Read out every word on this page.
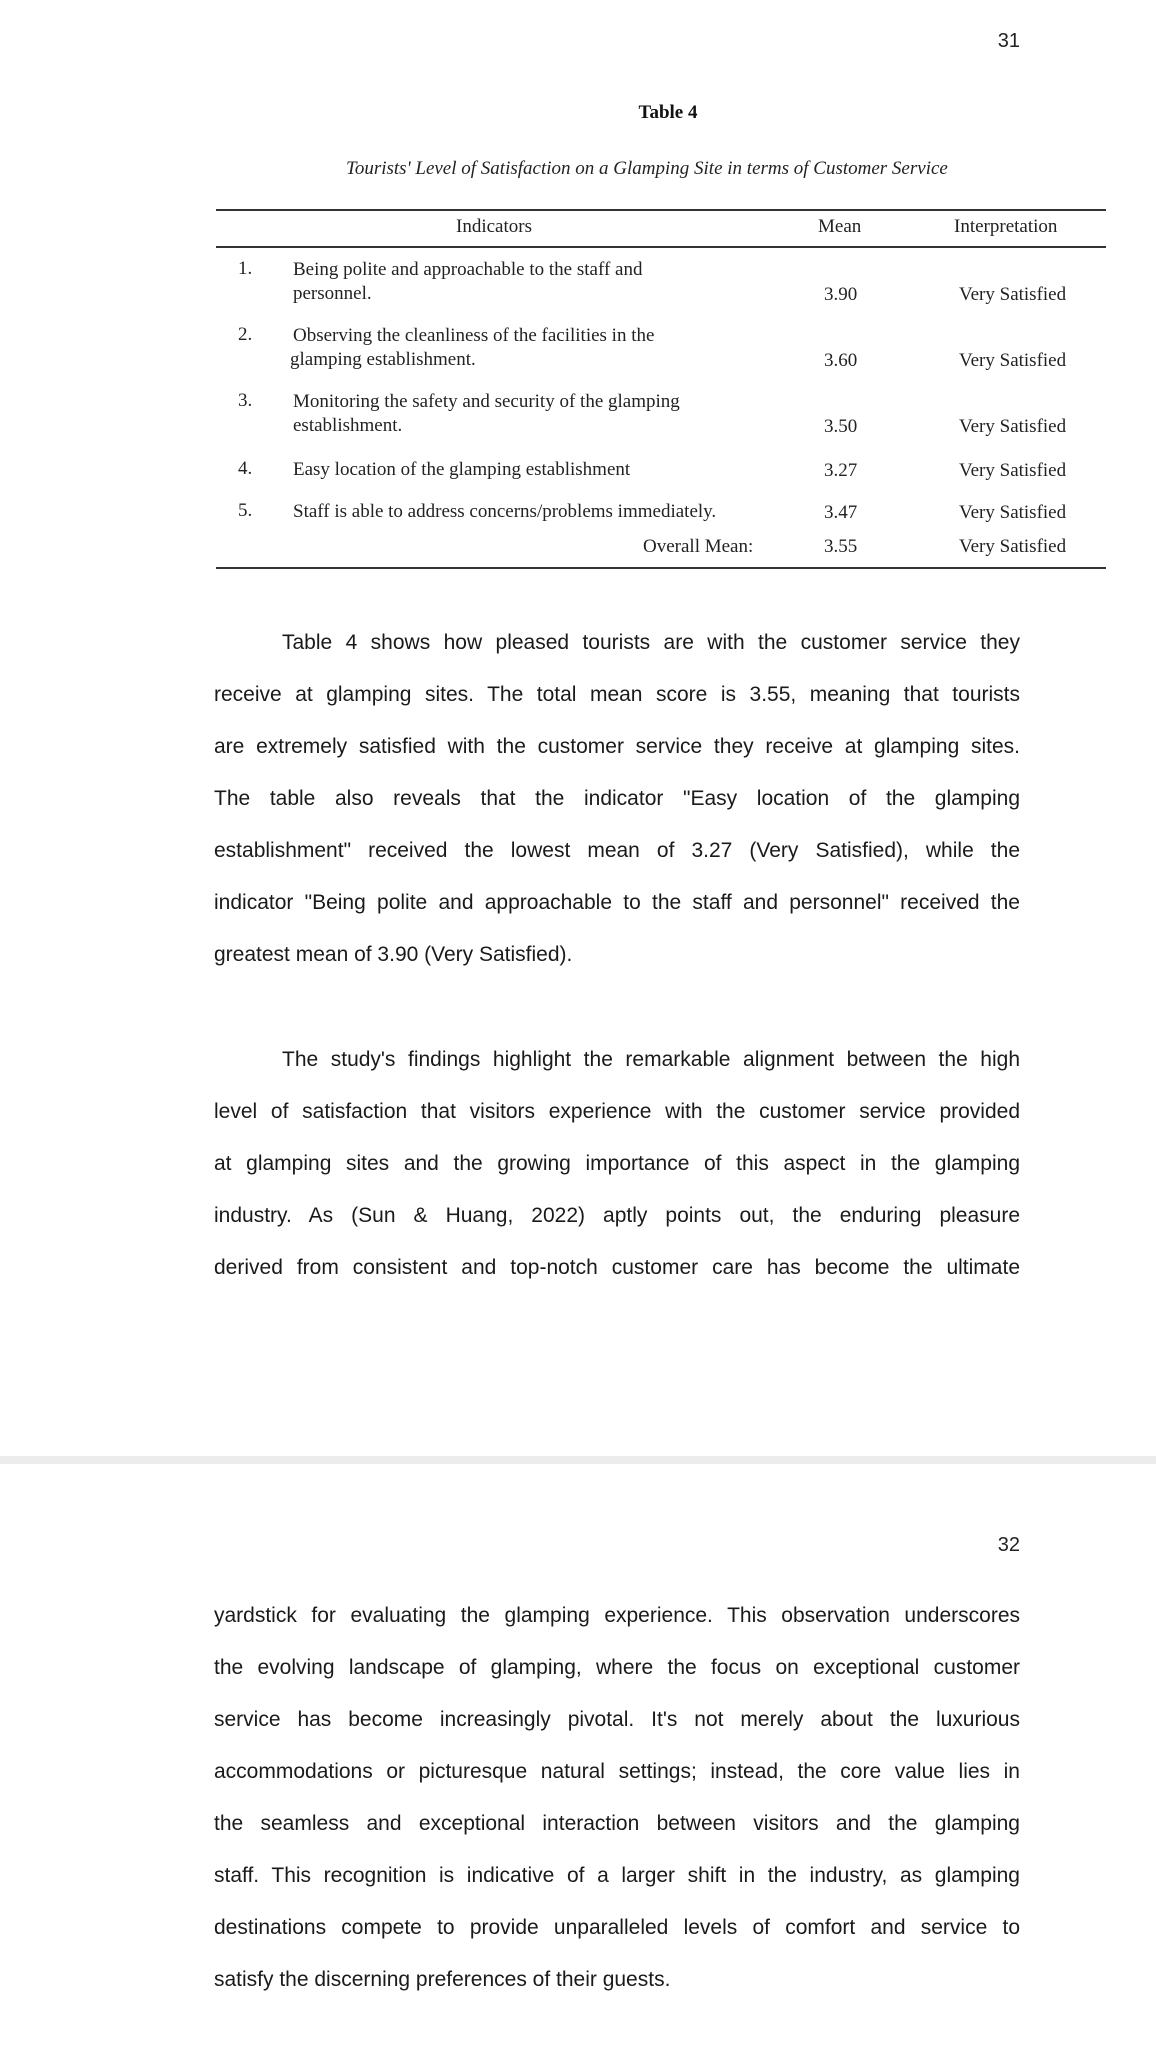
31
Table 4
Tourists' Level of Satisfaction on a Glamping Site in terms of Customer Service
Indicators	Mean	Interpretation
1. Being polite and approachable to the staff and
personnel.	3.90	Very Satisfied
2. Observing the cleanliness of the facilities in the
glamping establishment.	3.60	Very Satisfied
3. Monitoring the safety and security of the glamping
establishment.	3.50	Very Satisfied
4. Easy location of the glamping establishment	3.27	Very Satisfied
5. Staff is able to address concerns/problems immediately.	3.47	Very Satisfied
Overall Mean:	3.55	Very Satisfied
Table 4 shows how pleased tourists are with the customer service they
receive at glamping sites. The total mean score is 3.55, meaning that tourists
are extremely satisfied with the customer service they receive at glamping sites.
The table also reveals that the indicator "Easy location of the glamping
establishment" received the lowest mean of 3.27 (Very Satisfied), while the
indicator "Being polite and approachable to the staff and personnel" received the
greatest mean of 3.90 (Very Satisfied).
The study's findings highlight the remarkable alignment between the high
level of satisfaction that visitors experience with the customer service provided
at glamping sites and the growing importance of this aspect in the glamping
industry. As (Sun & Huang, 2022) aptly points out, the enduring pleasure
derived from consistent and top-notch customer care has become the ultimate
32
yardstick for evaluating the glamping experience. This observation underscores
the evolving landscape of glamping, where the focus on exceptional customer
service has become increasingly pivotal. It's not merely about the luxurious
accommodations or picturesque natural settings; instead, the core value lies in
the seamless and exceptional interaction between visitors and the glamping
staff. This recognition is indicative of a larger shift in the industry, as glamping
destinations compete to provide unparalleled levels of comfort and service to
satisfy the discerning preferences of their guests.
